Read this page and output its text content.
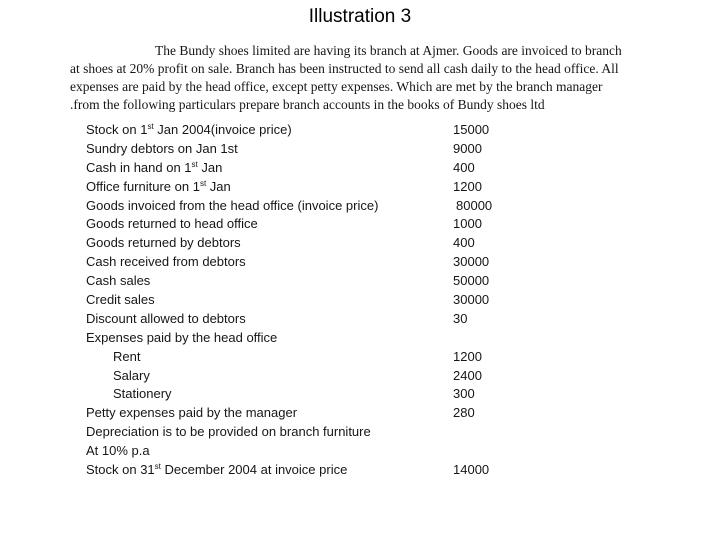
Illustration 3
The Bundy shoes limited are having its branch at Ajmer. Goods are invoiced to branch
at shoes at 20% profit on sale. Branch has been instructed to send all cash daily to the head office. All
expenses are paid by the head office, except petty expenses. Which are met by the branch manager
.from the following particulars prepare branch accounts in the books of Bundy shoes ltd
Stock on 1st Jan 2004(invoice price)	15000
Sundry debtors on Jan 1st	9000
Cash in hand on 1st Jan	400
Office furniture on 1st Jan	1200
Goods invoiced from the head office (invoice price)	80000
Goods returned to head office	1000
Goods returned by debtors	400
Cash received from debtors	30000
Cash sales	50000
Credit sales	30000
Discount allowed to debtors	30
Expenses paid by the head office
Rent	1200
Salary	2400
Stationery	300
Petty expenses paid by the manager	280
Depreciation is to be provided on branch furniture
At 10% p.a
Stock on 31st December 2004 at invoice price	14000
